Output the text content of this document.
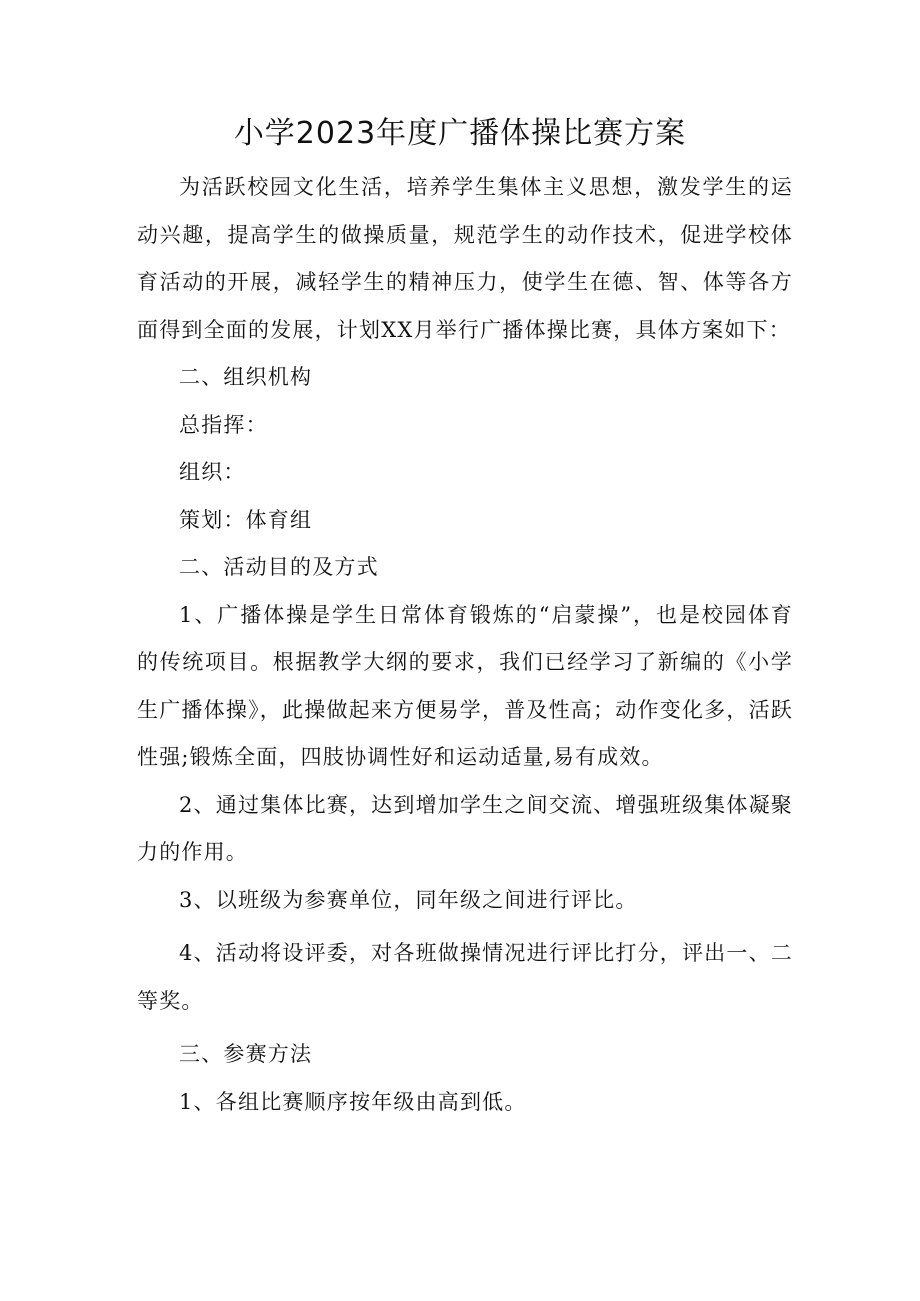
小学2023年度广播体操比赛方案

为活跃校园文化生活，培养学生集体主义思想，激发学生的运动兴趣，提高学生的做操质量，规范学生的动作技术，促进学校体育活动的开展，减轻学生的精神压力，使学生在德、智、体等各方面得到全面的发展，计划XX月举行广播体操比赛，具体方案如下：

二、组织机构

总指挥：

组织：

策划：体育组

二、活动目的及方式

1、广播体操是学生日常体育锻炼的“启蒙操”，也是校园体育的传统项目。根据教学大纲的要求，我们已经学习了新编的《小学生广播体操》，此操做起来方便易学，普及性高；动作变化多，活跃性强;锻炼全面，四肢协调性好和运动适量,易有成效。

2、通过集体比赛，达到增加学生之间交流、增强班级集体凝聚力的作用。

3、以班级为参赛单位，同年级之间进行评比。

4、活动将设评委，对各班做操情况进行评比打分，评出一、二等奖。

三、参赛方法

1、各组比赛顺序按年级由高到低。
